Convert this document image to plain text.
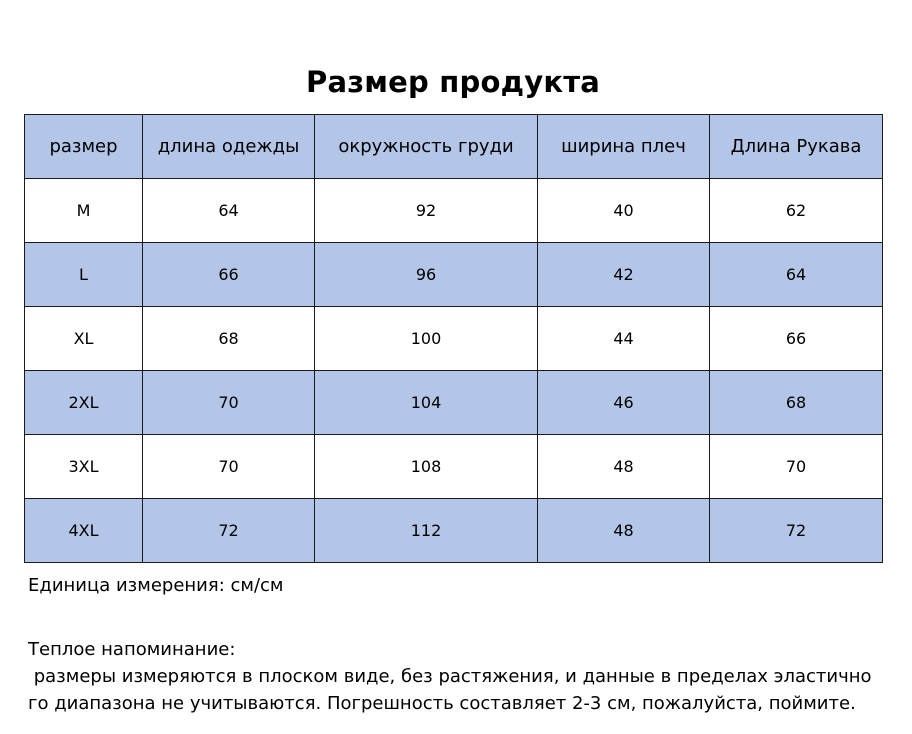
Размер продукта
размер	длина одежды	окружность груди	ширина плеч	Длина Рукава
M	64	92	40	62
L	66	96	42	64
XL	68	100	44	66
2XL	70	104	46	68
3XL	70	108	48	70
4XL	72	112	48	72
Единица измерения: см/см
Теплое напоминание:
размеры измеряются в плоском виде, без растяжения, и данные в пределах эластично
го диапазона не учитываются. Погрешность составляет 2-3 см, пожалуйста, поймите.
